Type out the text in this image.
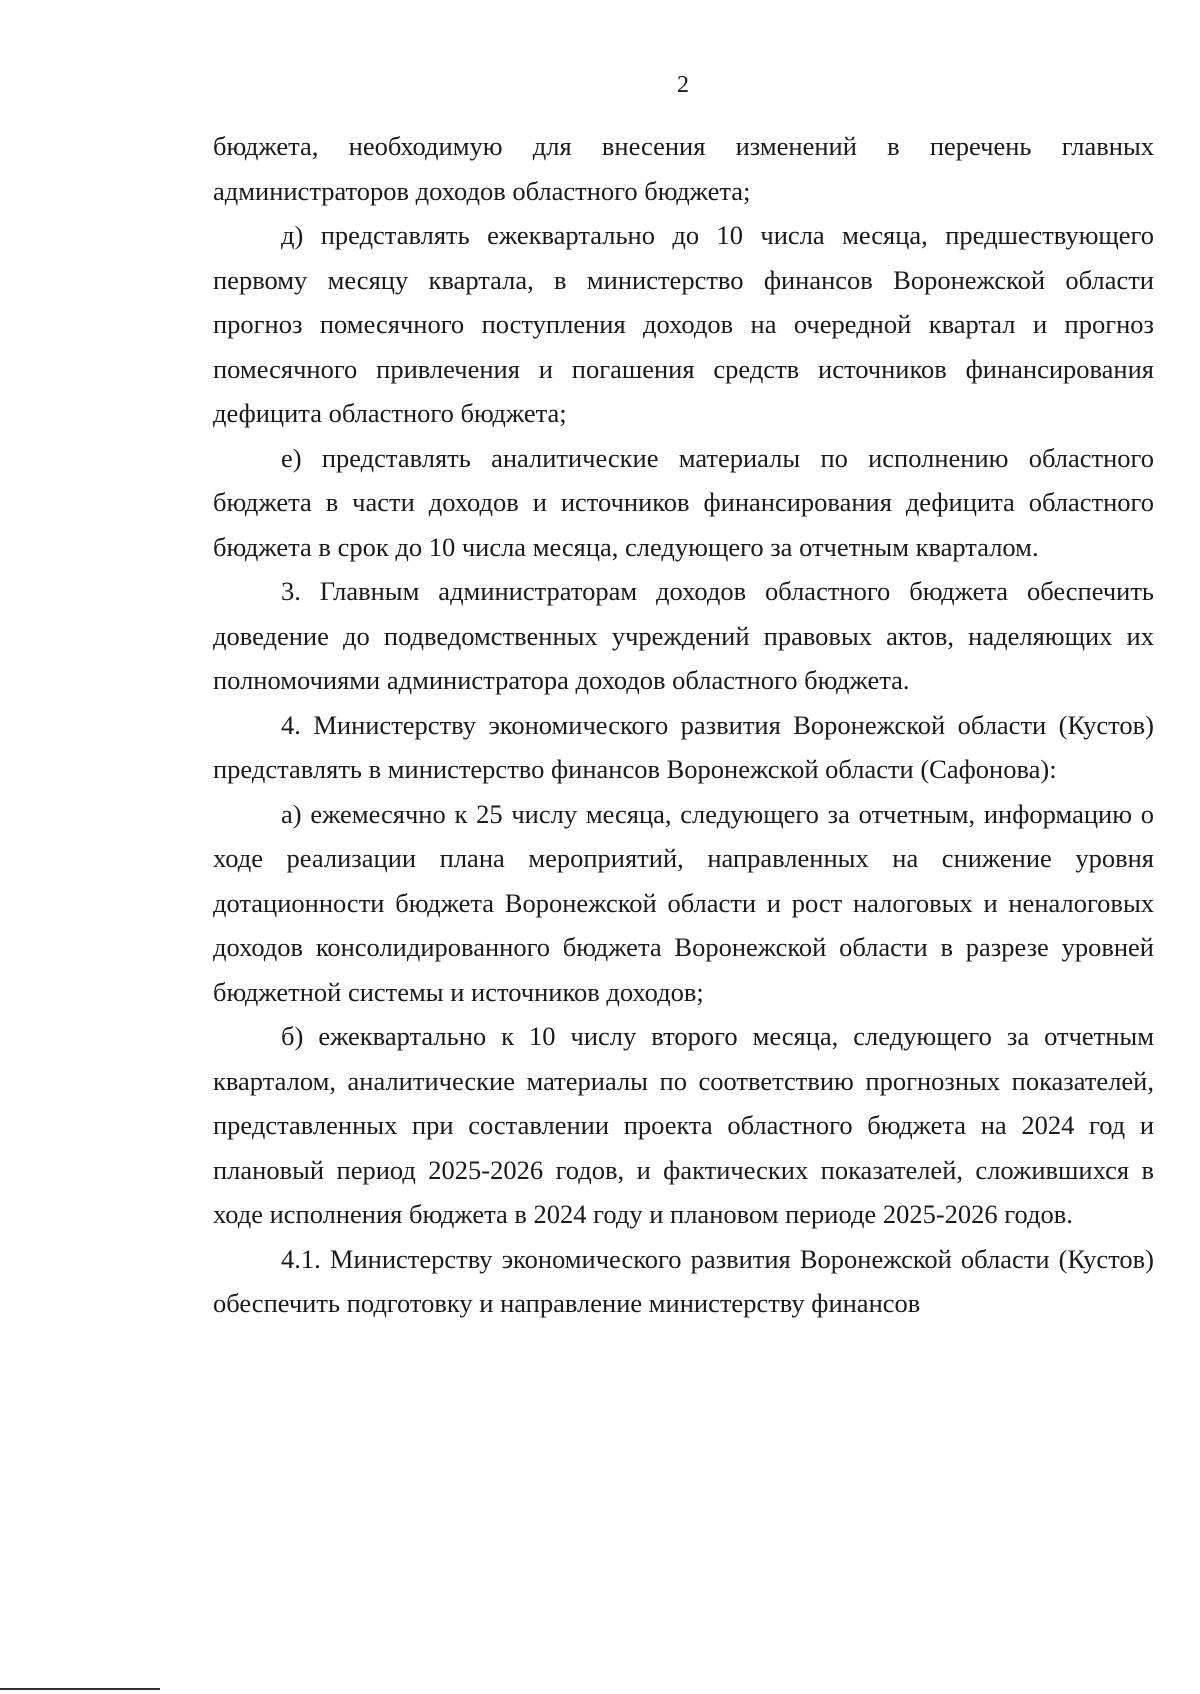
2

бюджета, необходимую для внесения изменений в перечень главных администраторов доходов областного бюджета;

д) представлять ежеквартально до 10 числа месяца, предшествующего первому месяцу квартала, в министерство финансов Воронежской области прогноз помесячного поступления доходов на очередной квартал и прогноз помесячного привлечения и погашения средств источников финансирования дефицита областного бюджета;

е) представлять аналитические материалы по исполнению областного бюджета в части доходов и источников финансирования дефицита областного бюджета в срок до 10 числа месяца, следующего за отчетным кварталом.

3. Главным администраторам доходов областного бюджета обеспечить доведение до подведомственных учреждений правовых актов, наделяющих их полномочиями администратора доходов областного бюджета.

4. Министерству экономического развития Воронежской области (Кустов) представлять в министерство финансов Воронежской области (Сафонова):

а) ежемесячно к 25 числу месяца, следующего за отчетным, информацию о ходе реализации плана мероприятий, направленных на снижение уровня дотационности бюджета Воронежской области и рост налоговых и неналоговых доходов консолидированного бюджета Воронежской области в разрезе уровней бюджетной системы и источников доходов;

б) ежеквартально к 10 числу второго месяца, следующего за отчетным кварталом, аналитические материалы по соответствию прогнозных показателей, представленных при составлении проекта областного бюджета на 2024 год и плановый период 2025-2026 годов, и фактических показателей, сложившихся в ходе исполнения бюджета в 2024 году и плановом периоде 2025-2026 годов.

4.1. Министерству экономического развития Воронежской области (Кустов) обеспечить подготовку и направление министерству финансов
